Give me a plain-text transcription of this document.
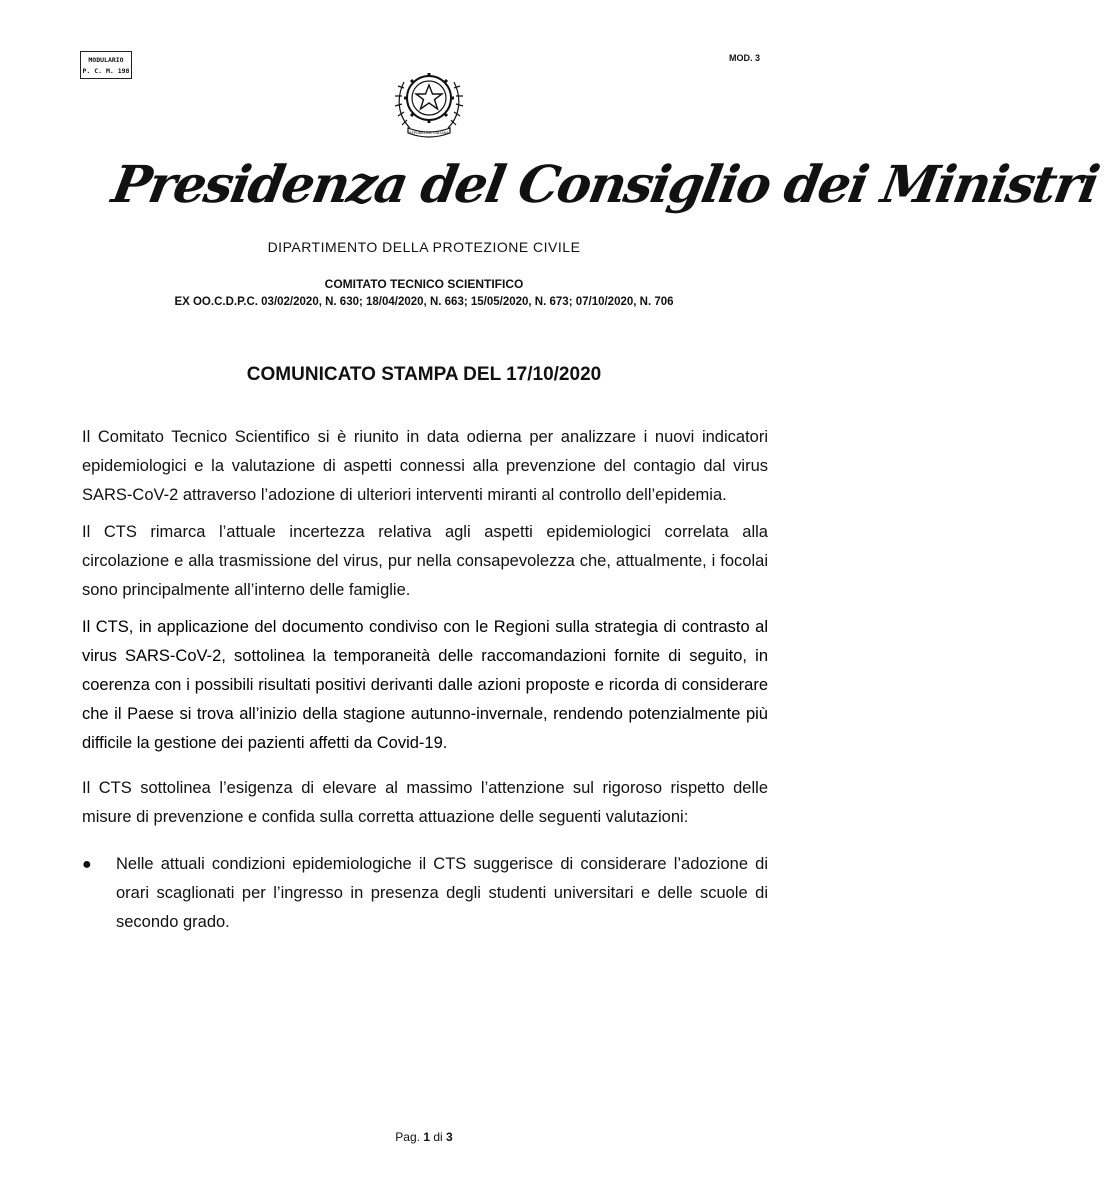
MODULARIO
P. C. M. 198
MOD. 3
REPUBBLICA ITALIANA
Presidenza del Consiglio dei Ministri
DIPARTIMENTO DELLA PROTEZIONE CIVILE
COMITATO TECNICO SCIENTIFICO
EX OO.C.D.P.C. 03/02/2020, N. 630; 18/04/2020, N. 663; 15/05/2020, N. 673; 07/10/2020, N. 706
COMUNICATO STAMPA DEL 17/10/2020

Il Comitato Tecnico Scientifico si è riunito in data odierna per analizzare i nuovi indicatori epidemiologici e la valutazione di aspetti connessi alla prevenzione del contagio dal virus SARS-CoV-2 attraverso l’adozione di ulteriori interventi miranti al controllo dell’epidemia.

Il CTS rimarca l’attuale incertezza relativa agli aspetti epidemiologici correlata alla circolazione e alla trasmissione del virus, pur nella consapevolezza che, attualmente, i focolai sono principalmente all’interno delle famiglie.

Il CTS, in applicazione del documento condiviso con le Regioni sulla strategia di contrasto al virus SARS-CoV-2, sottolinea la temporaneità delle raccomandazioni fornite di seguito, in coerenza con i possibili risultati positivi derivanti dalle azioni proposte e ricorda di considerare che il Paese si trova all’inizio della stagione autunno-invernale, rendendo potenzialmente più difficile la gestione dei pazienti affetti da Covid-19.

Il CTS sottolinea l’esigenza di elevare al massimo l’attenzione sul rigoroso rispetto delle misure di prevenzione e confida sulla corretta attuazione delle seguenti valutazioni:

●	Nelle attuali condizioni epidemiologiche il CTS suggerisce di considerare l’adozione di orari scaglionati per l’ingresso in presenza degli studenti universitari e delle scuole di secondo grado.
Pag. 1 di 3
